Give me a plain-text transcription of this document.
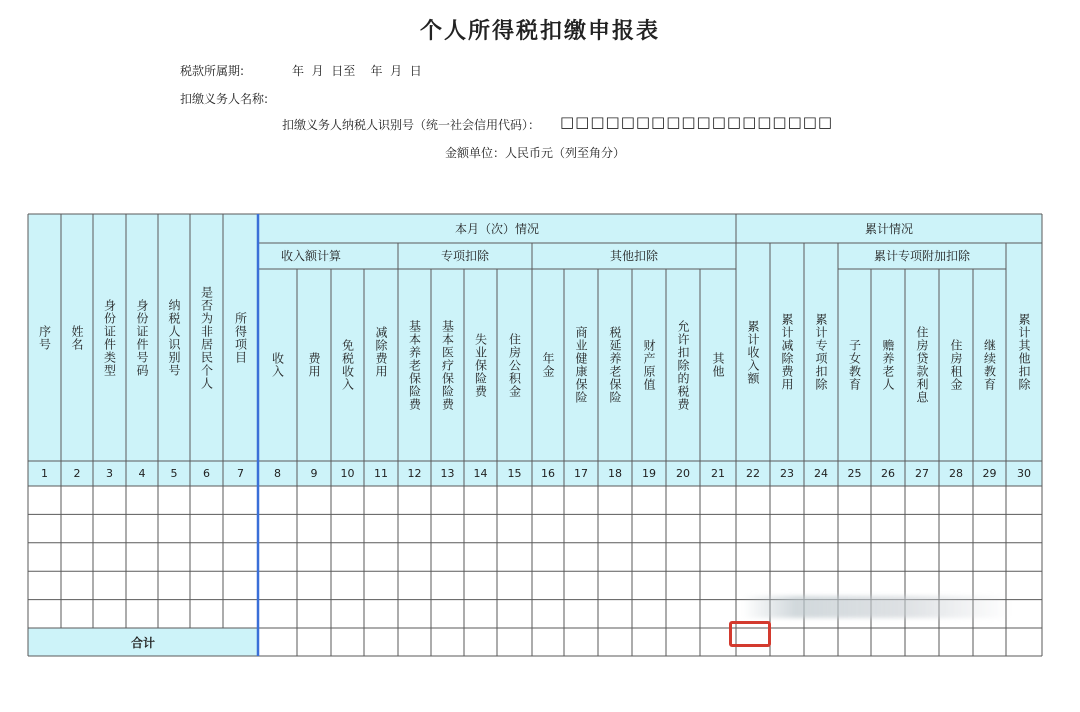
个人所得税扣缴申报表
税款所属期:	年  月  日至    年  月  日
扣缴义务人名称:
扣缴义务人纳税人识别号（统一社会信用代码）： □□□□□□□□□□□□□□□□□□
金额单位：人民币元（列至角分）
本月（次）情况	累计情况
收入额计算	专项扣除	其他扣除	累计专项附加扣除
序号	姓名	身份证件类型	身份证件号码	纳税人识别号	是否为非居民个人	所得项目
收入	费用	免税收入	减除费用	基本养老保险费	基本医疗保险费	失业保险费	住房公积金	年金	商业健康保险	税延养老保险	财产原值	允许扣除的税费	其他	累计收入额	累计减除费用	累计专项扣除	子女教育	赡养老人	住房贷款利息	住房租金	继续教育	累计其他扣除
1	2	3	4	5	6	7	8	9	10	11	12	13	14	15	16	17	18	19	20	21	22	23	24	25	26	27	28	29	30
合计
